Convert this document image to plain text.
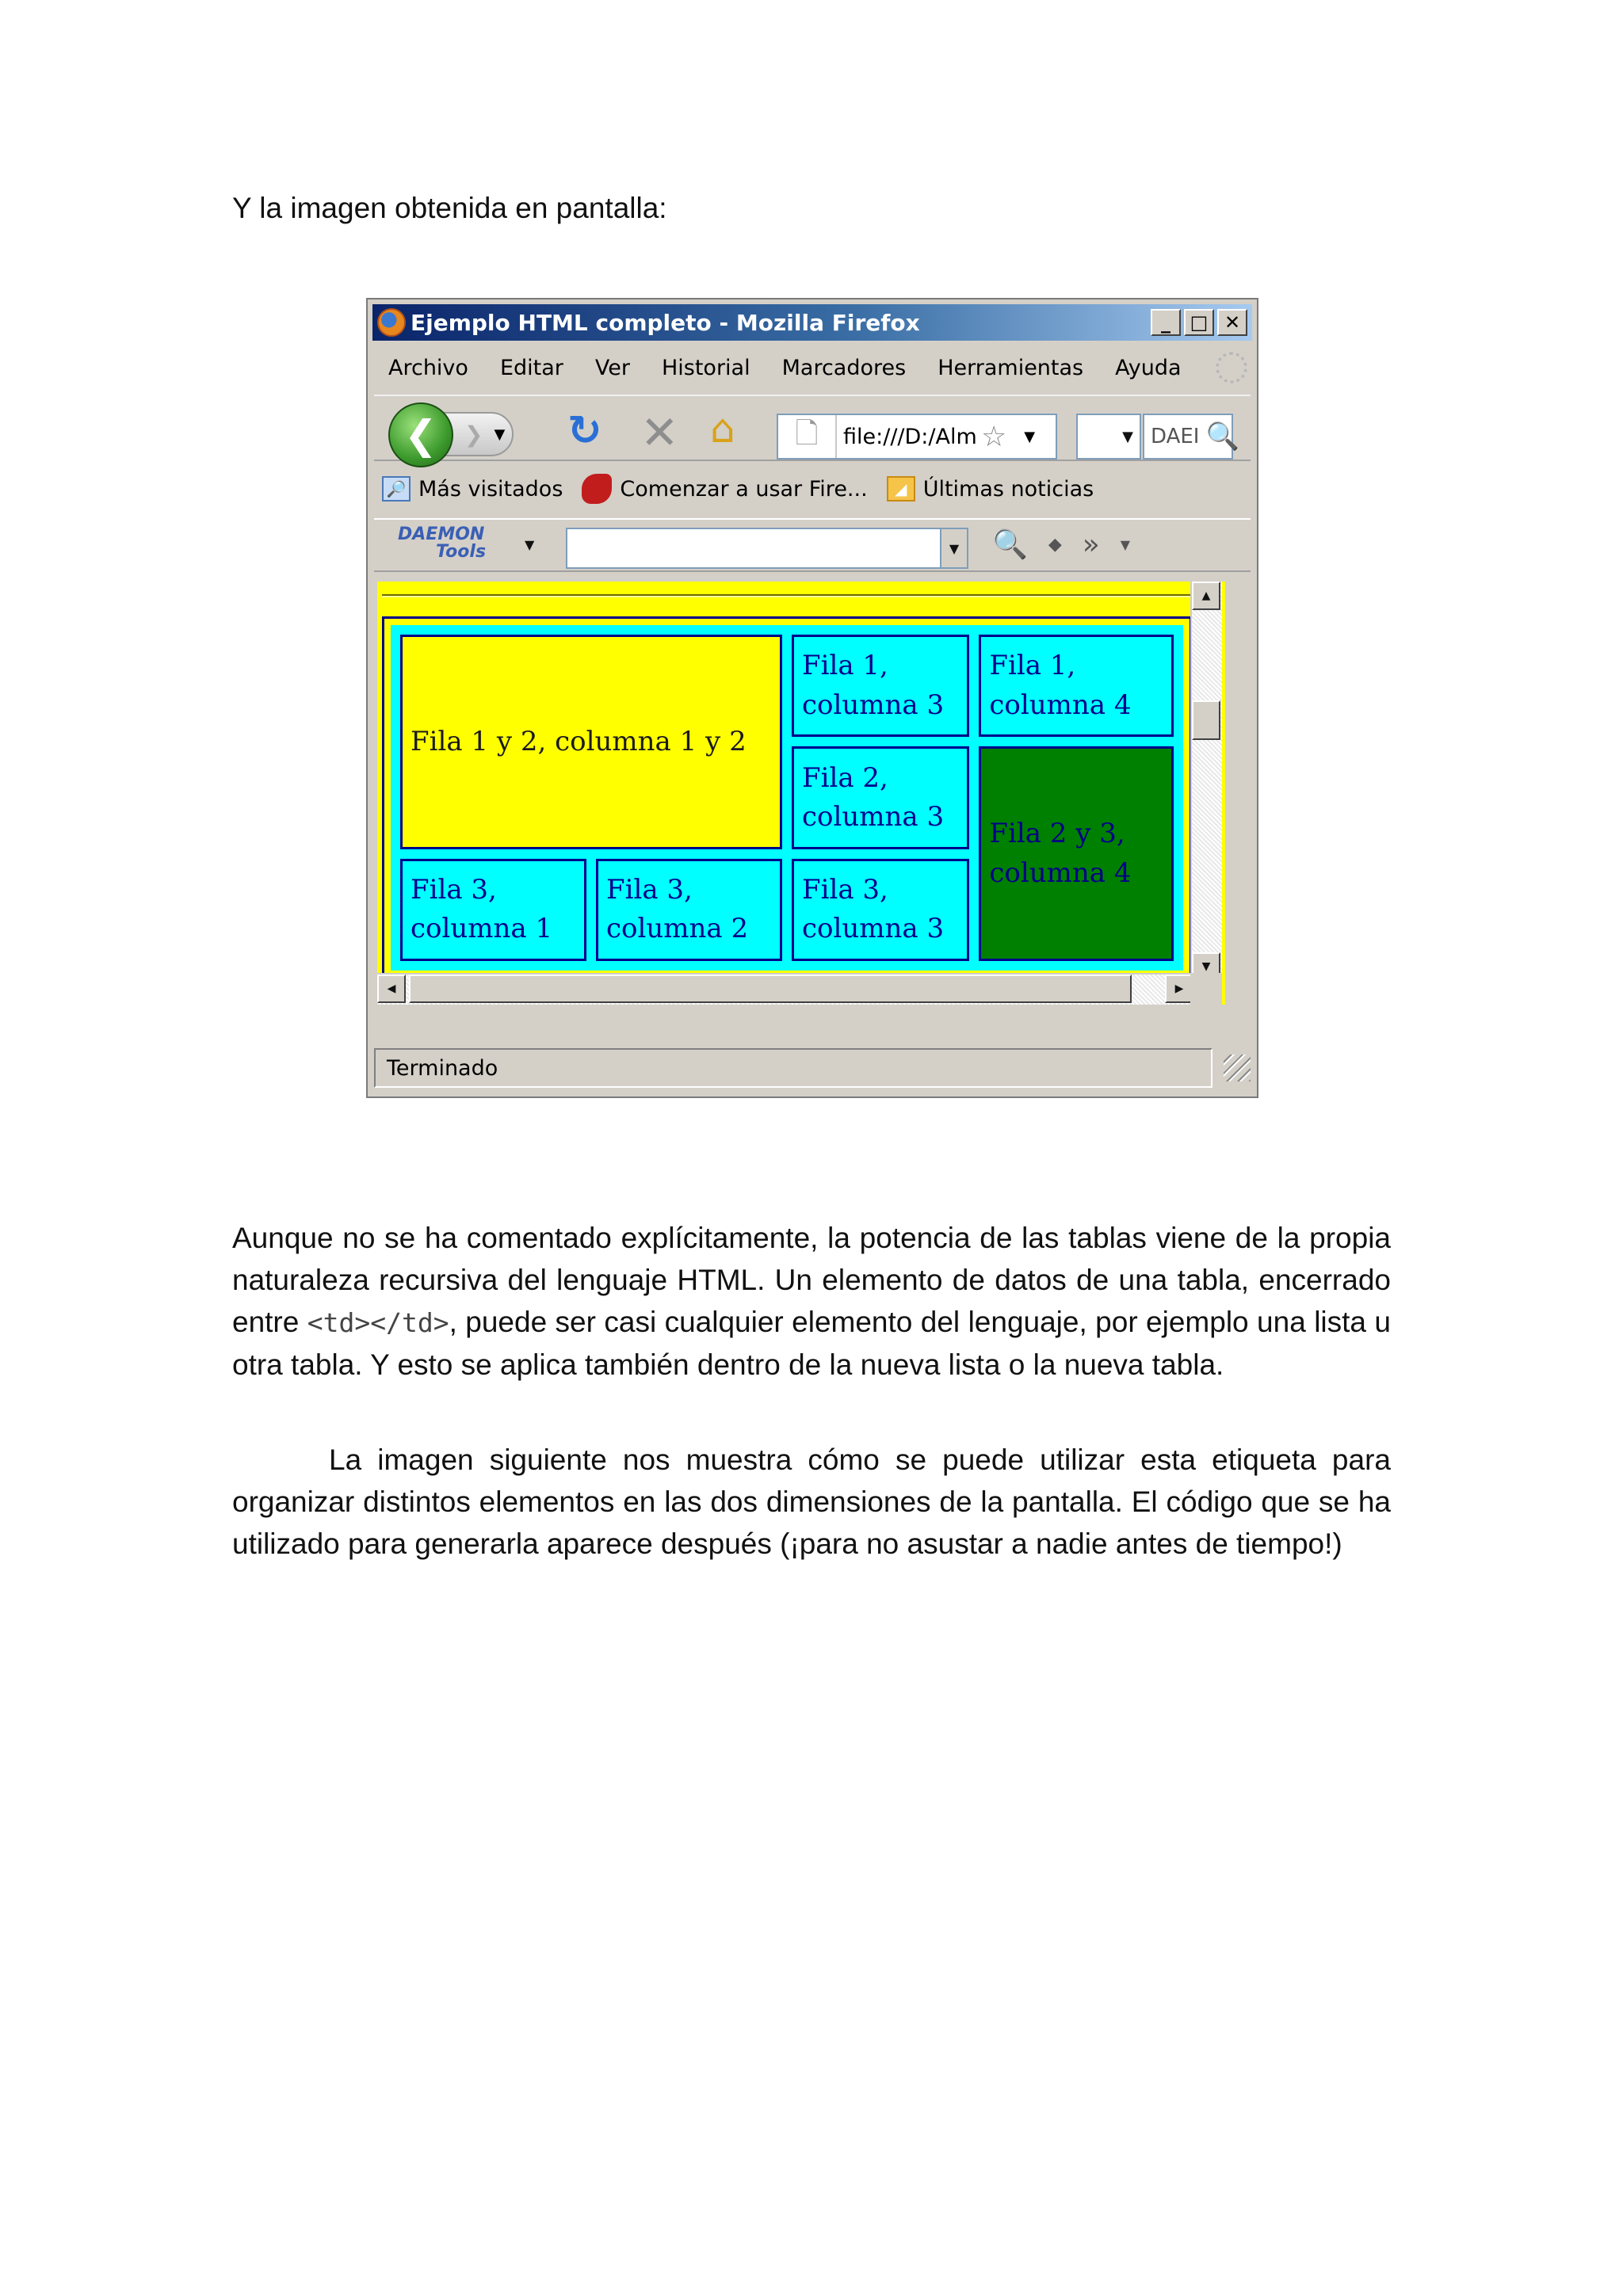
Y la imagen obtenida en pantalla:

Ejemplo HTML completo - Mozilla Firefox	_	□ ✕
Archivo Editar Ver Historial Marcadores Herramientas Ayuda
❯ ▼
❮	↻ ✕ ⌂	🗋	file:///D:/Alm ☆ ▼	▼ DAEI 🔍
🔎 Más visitados	Comenzar a usar Fire...	◢ Últimas noticias
DAEMON
Tools	▼	▼ 🔍 ◆ » ▼
Fila 1 y 2, columna 1 y 2		Fila 1, columna 3	Fila 1, columna 4
		Fila 2, columna 3	Fila 2 y 3, columna 4
Fila 3, columna 1	Fila 3, columna 2	Fila 3, columna 3	
▲
▼
◀	▶
Terminado

Aunque no se ha comentado explícitamente, la potencia de las tablas viene de la propia naturaleza recursiva del lenguaje HTML. Un elemento de datos de una tabla, encerrado entre <td></td>, puede ser casi cualquier elemento del lenguaje, por ejemplo una lista u otra tabla. Y esto se aplica también dentro de la nueva lista o la nueva tabla.

La imagen siguiente nos muestra cómo se puede utilizar esta etiqueta para organizar distintos elementos en las dos dimensiones de la pantalla. El código que se ha utilizado para generarla aparece después (¡para no asustar a nadie antes de tiempo!)
